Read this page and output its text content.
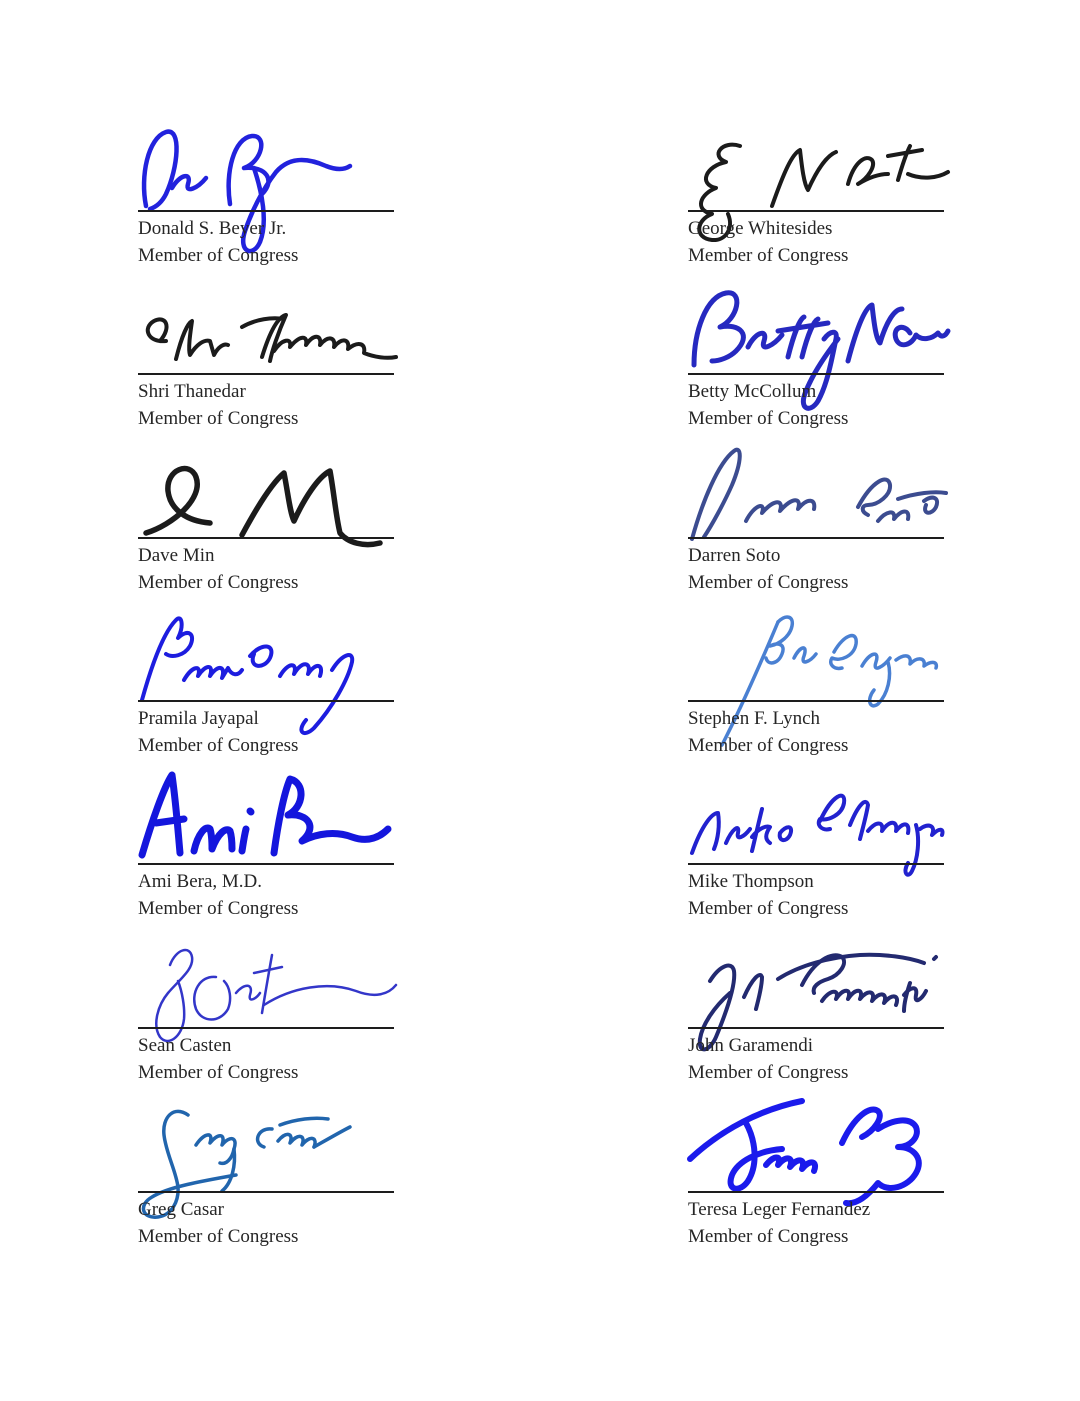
Donald S. Beyer Jr.
Member of Congress
George Whitesides
Member of Congress
Shri Thanedar
Member of Congress
Betty McCollum
Member of Congress
Dave Min
Member of Congress
Darren Soto
Member of Congress
Pramila Jayapal
Member of Congress
Stephen F. Lynch
Member of Congress
Ami Bera, M.D.
Member of Congress
Mike Thompson
Member of Congress
Sean Casten
Member of Congress
John Garamendi
Member of Congress
Greg Casar
Member of Congress
Teresa Leger Fernandez
Member of Congress
